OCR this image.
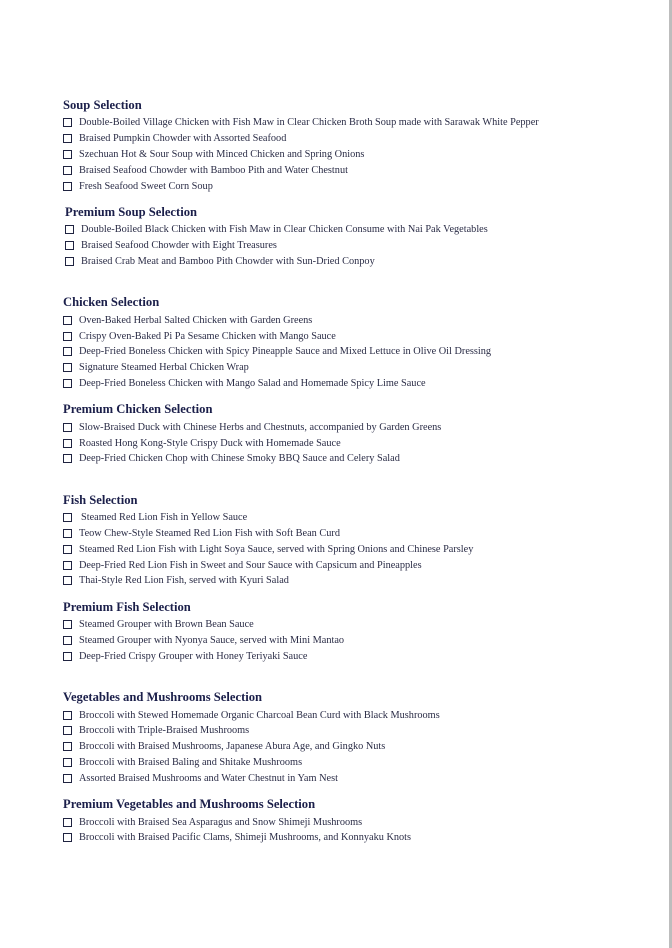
Soup Selection
Double-Boiled Village Chicken with Fish Maw in Clear Chicken Broth Soup made with Sarawak White Pepper
Braised Pumpkin Chowder with Assorted Seafood
Szechuan Hot & Sour Soup with Minced Chicken and Spring Onions
Braised Seafood Chowder with Bamboo Pith and Water Chestnut
Fresh Seafood Sweet Corn Soup
Premium Soup Selection
Double-Boiled Black Chicken with Fish Maw in Clear Chicken Consume with Nai Pak Vegetables
Braised Seafood Chowder with Eight Treasures
Braised Crab Meat and Bamboo Pith Chowder with Sun-Dried Conpoy
Chicken Selection
Oven-Baked Herbal Salted Chicken with Garden Greens
Crispy Oven-Baked Pi Pa Sesame Chicken with Mango Sauce
Deep-Fried Boneless Chicken with Spicy Pineapple Sauce and Mixed Lettuce in Olive Oil Dressing
Signature Steamed Herbal Chicken Wrap
Deep-Fried Boneless Chicken with Mango Salad and Homemade Spicy Lime Sauce
Premium Chicken Selection
Slow-Braised Duck with Chinese Herbs and Chestnuts, accompanied by Garden Greens
Roasted Hong Kong-Style Crispy Duck with Homemade Sauce
Deep-Fried Chicken Chop with Chinese Smoky BBQ Sauce and Celery Salad
Fish Selection
Steamed Red Lion Fish in Yellow Sauce
Teow Chew-Style Steamed Red Lion Fish with Soft Bean Curd
Steamed Red Lion Fish with Light Soya Sauce, served with Spring Onions and Chinese Parsley
Deep-Fried Red Lion Fish in Sweet and Sour Sauce with Capsicum and Pineapples
Thai-Style Red Lion Fish, served with Kyuri Salad
Premium Fish Selection
Steamed Grouper with Brown Bean Sauce
Steamed Grouper with Nyonya Sauce, served with Mini Mantao
Deep-Fried Crispy Grouper with Honey Teriyaki Sauce
Vegetables and Mushrooms Selection
Broccoli with Stewed Homemade Organic Charcoal Bean Curd with Black Mushrooms
Broccoli with Triple-Braised Mushrooms
Broccoli with Braised Mushrooms, Japanese Abura Age, and Gingko Nuts
Broccoli with Braised Baling and Shitake Mushrooms
Assorted Braised Mushrooms and Water Chestnut in Yam Nest
Premium Vegetables and Mushrooms Selection
Broccoli with Braised Sea Asparagus and Snow Shimeji Mushrooms
Broccoli with Braised Pacific Clams, Shimeji Mushrooms, and Konnyaku Knots
